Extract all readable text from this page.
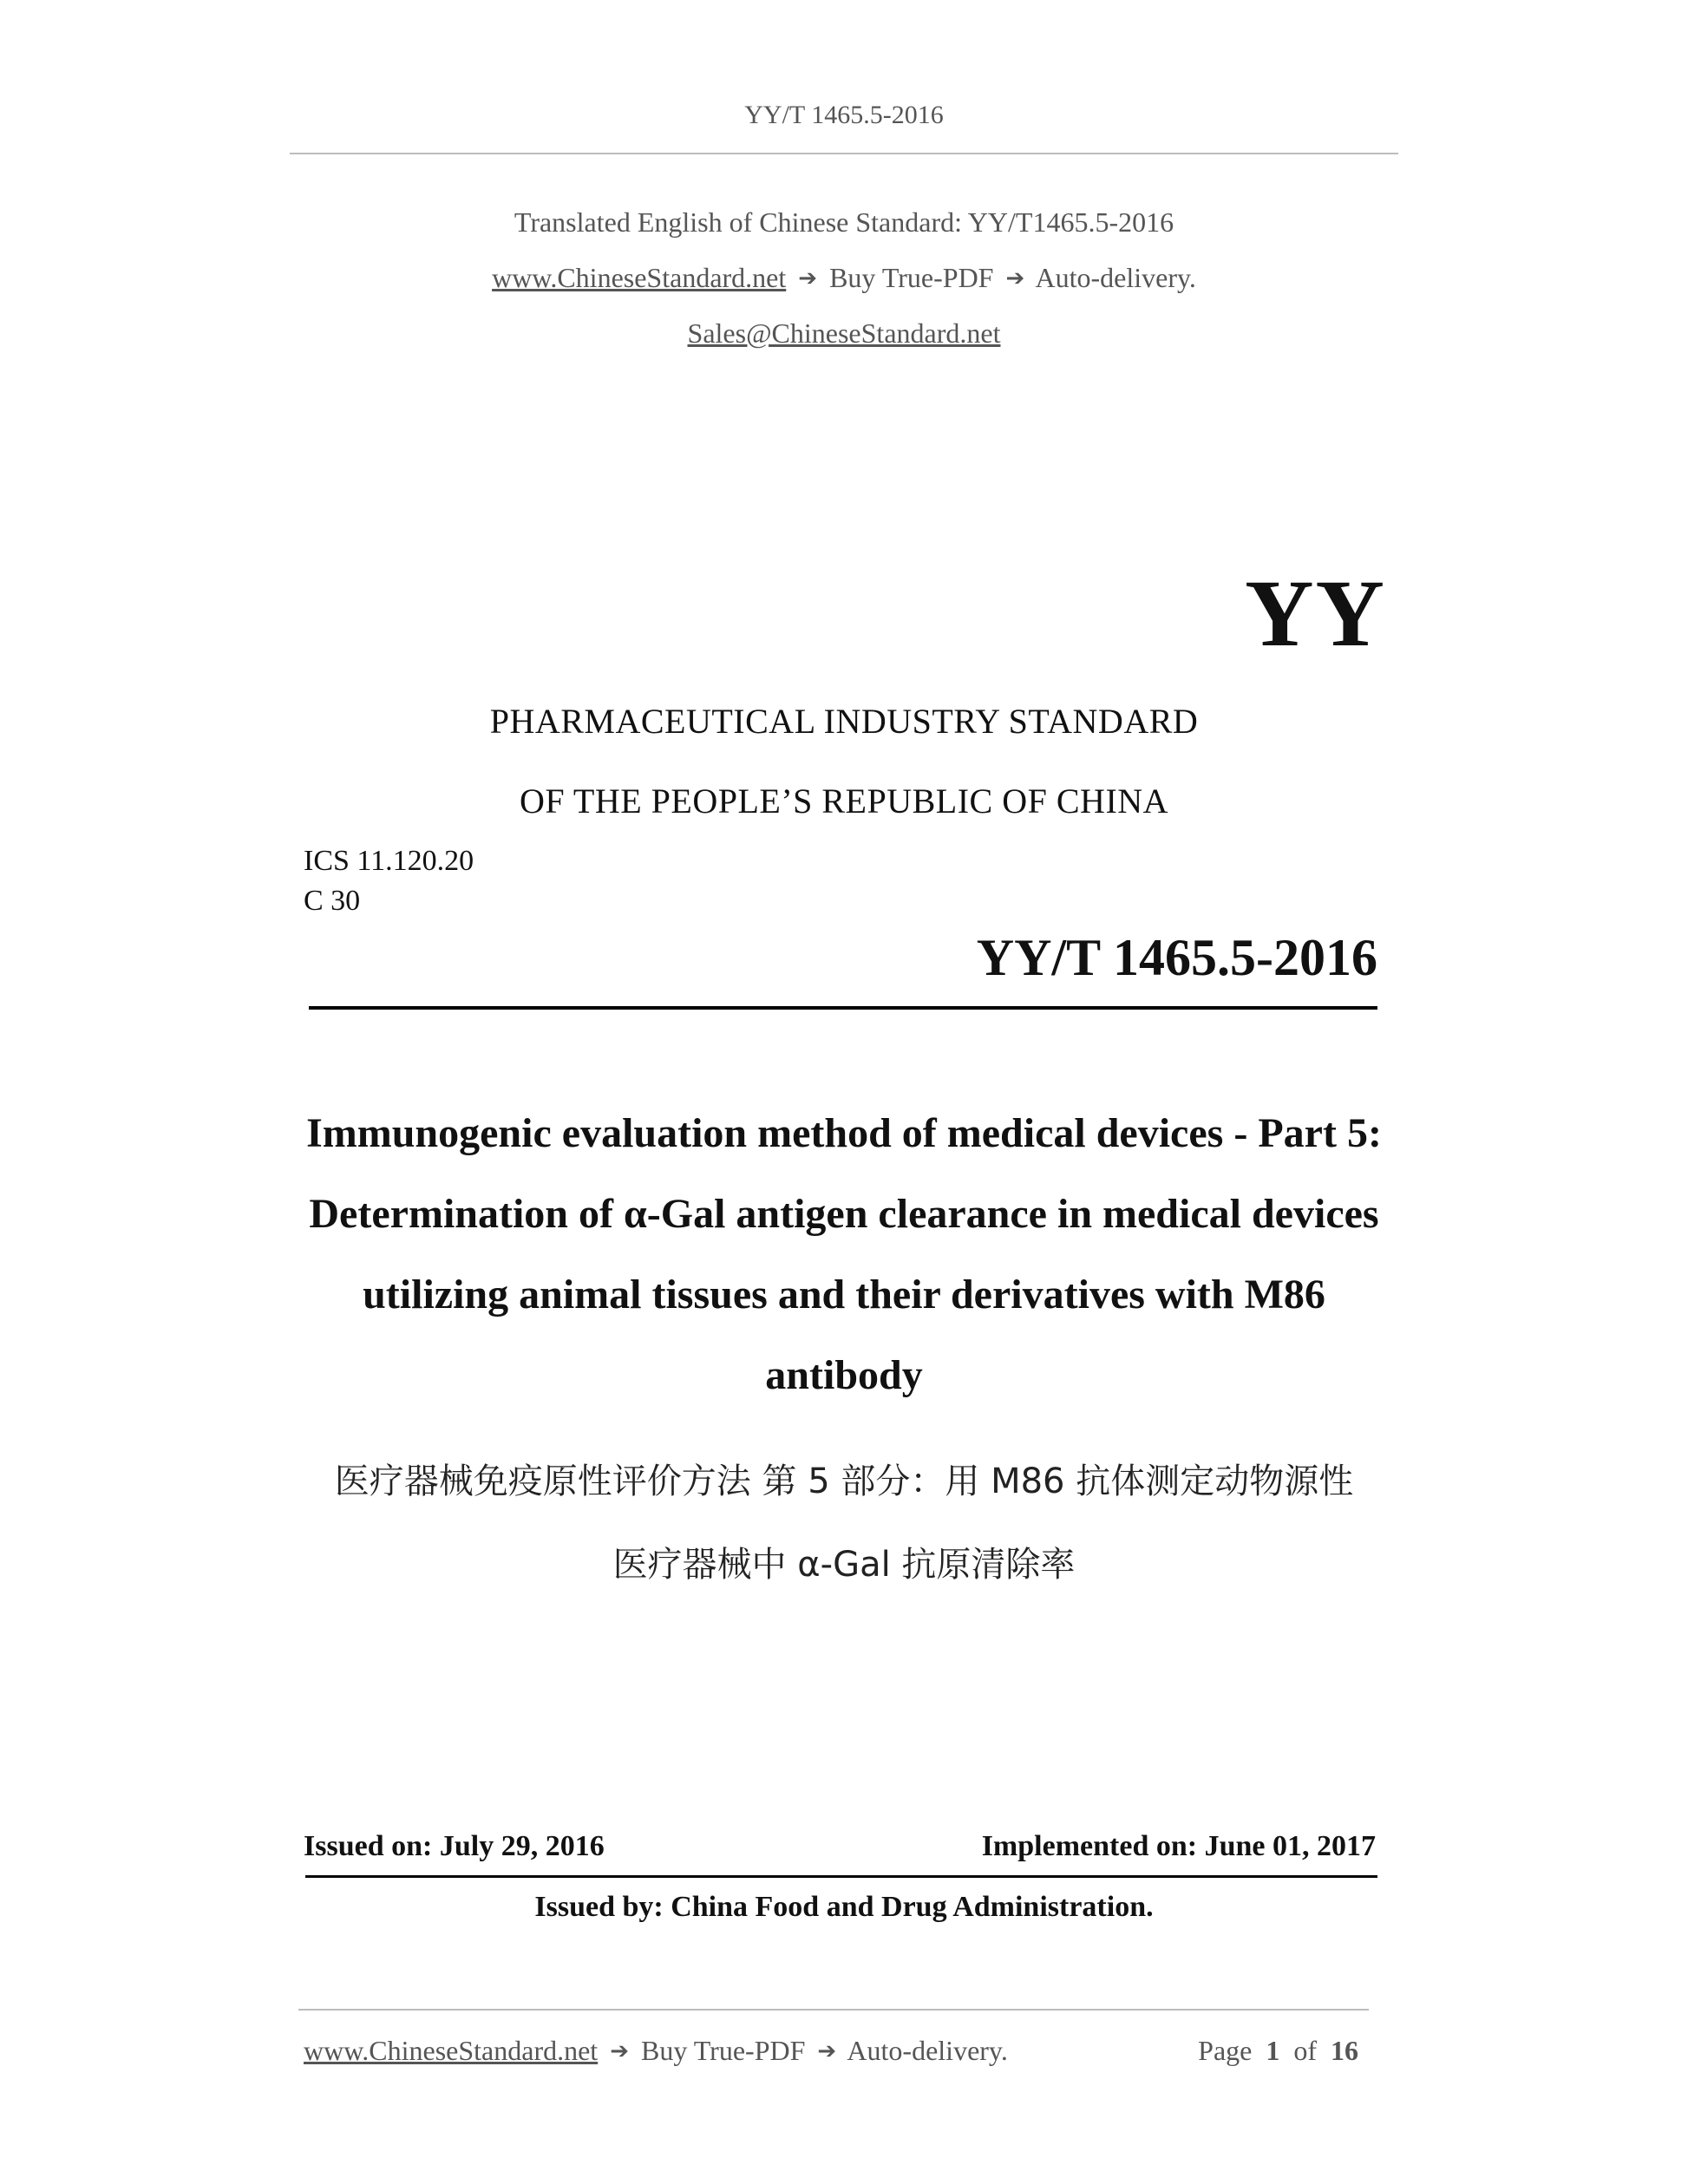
YY/T 1465.5-2016
Translated English of Chinese Standard: YY/T1465.5-2016
www.ChineseStandard.net ➔ Buy True-PDF ➔ Auto-delivery.
Sales@ChineseStandard.net
YY
PHARMACEUTICAL INDUSTRY STANDARD
OF THE PEOPLE’S REPUBLIC OF CHINA
ICS 11.120.20
C 30
YY/T 1465.5-2016
Immunogenic evaluation method of medical devices - Part 5:
Determination of α-Gal antigen clearance in medical devices
utilizing animal tissues and their derivatives with M86
antibody
医疗器械免疫原性评价方法 第 5 部分：用 M86 抗体测定动物源性
医疗器械中 α-Gal 抗原清除率
Issued on: July 29, 2016	Implemented on: June 01, 2017
Issued by: China Food and Drug Administration.
www.ChineseStandard.net ➔ Buy True-PDF ➔ Auto-delivery.	Page 1 of 16
